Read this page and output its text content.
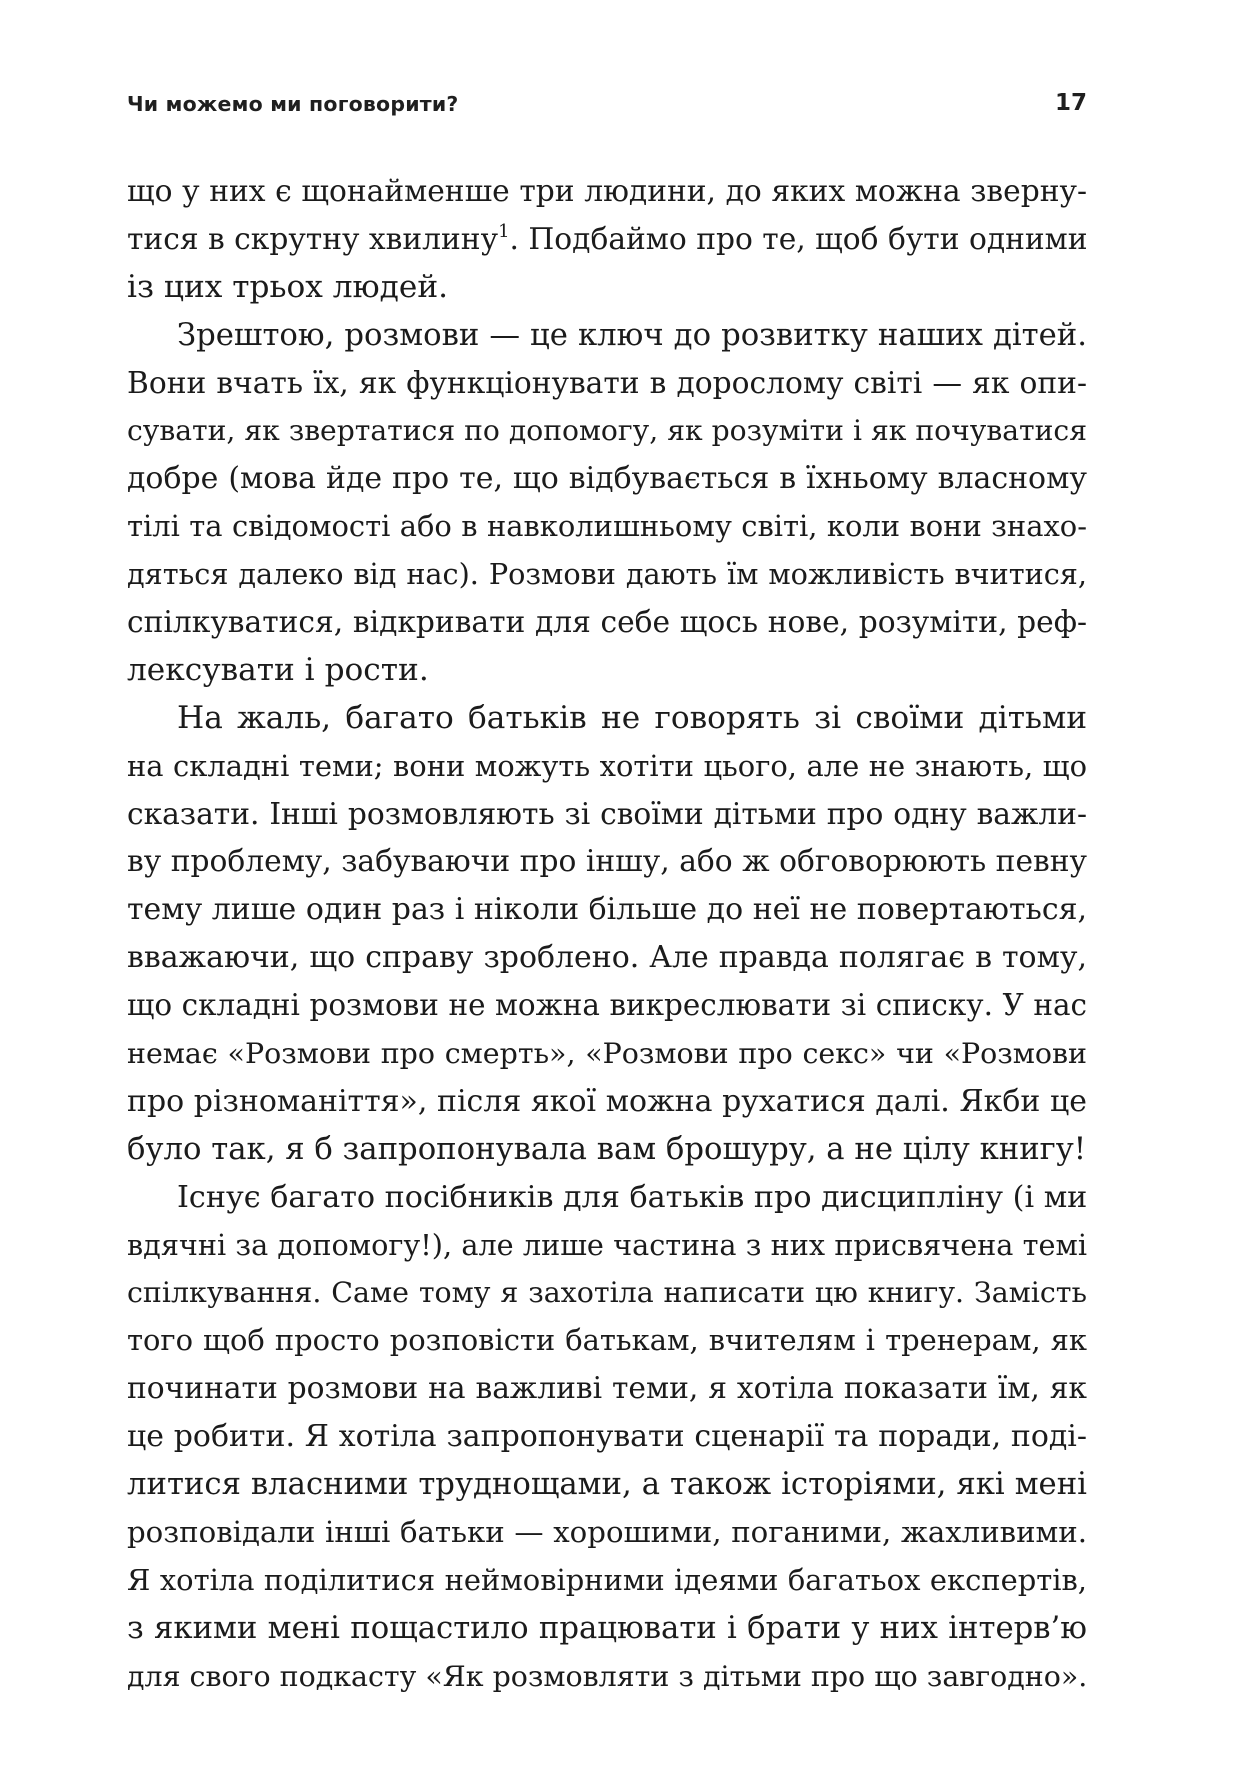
Чи можемо ми поговорити?	17
що у них є щонайменше три людини, до яких можна зверну-
тися в скрутну хвилину$^1$. Подбаймо про те, щоб бути одними
із цих трьох людей.
Зрештою, розмови — це ключ до розвитку наших дітей.
Вони вчать їх, як функціонувати в дорослому світі — як опи-
сувати, як звертатися по допомогу, як розуміти і як почуватися
добре (мова йде про те, що відбувається в їхньому власному
тілі та свідомості або в навколишньому світі, коли вони знахо-
дяться далеко від нас). Розмови дають їм можливість вчитися,
спілкуватися, відкривати для себе щось нове, розуміти, реф-
лексувати і рости.
На жаль, багато батьків не говорять зі своїми дітьми
на складні теми; вони можуть хотіти цього, але не знають, що
сказати. Інші розмовляють зі своїми дітьми про одну важли-
ву проблему, забуваючи про іншу, або ж обговорюють певну
тему лише один раз і ніколи більше до неї не повертаються,
вважаючи, що справу зроблено. Але правда полягає в тому,
що складні розмови не можна викреслювати зі списку. У нас
немає «Розмови про смерть», «Розмови про секс» чи «Розмови
про різноманіття», після якої можна рухатися далі. Якби це
було так, я б запропонувала вам брошуру, а не цілу книгу!
Існує багато посібників для батьків про дисципліну (і ми
вдячні за допомогу!), але лише частина з них присвячена темі
спілкування. Саме тому я захотіла написати цю книгу. Замість
того щоб просто розповісти батькам, вчителям і тренерам, як
починати розмови на важливі теми, я хотіла показати їм, як
це робити. Я хотіла запропонувати сценарії та поради, поді-
литися власними труднощами, а також історіями, які мені
розповідали інші батьки — хорошими, поганими, жахливими.
Я хотіла поділитися неймовірними ідеями багатьох експертів,
з якими мені пощастило працювати і брати у них інтерв’ю
для свого подкасту «Як розмовляти з дітьми про що завгодно».
